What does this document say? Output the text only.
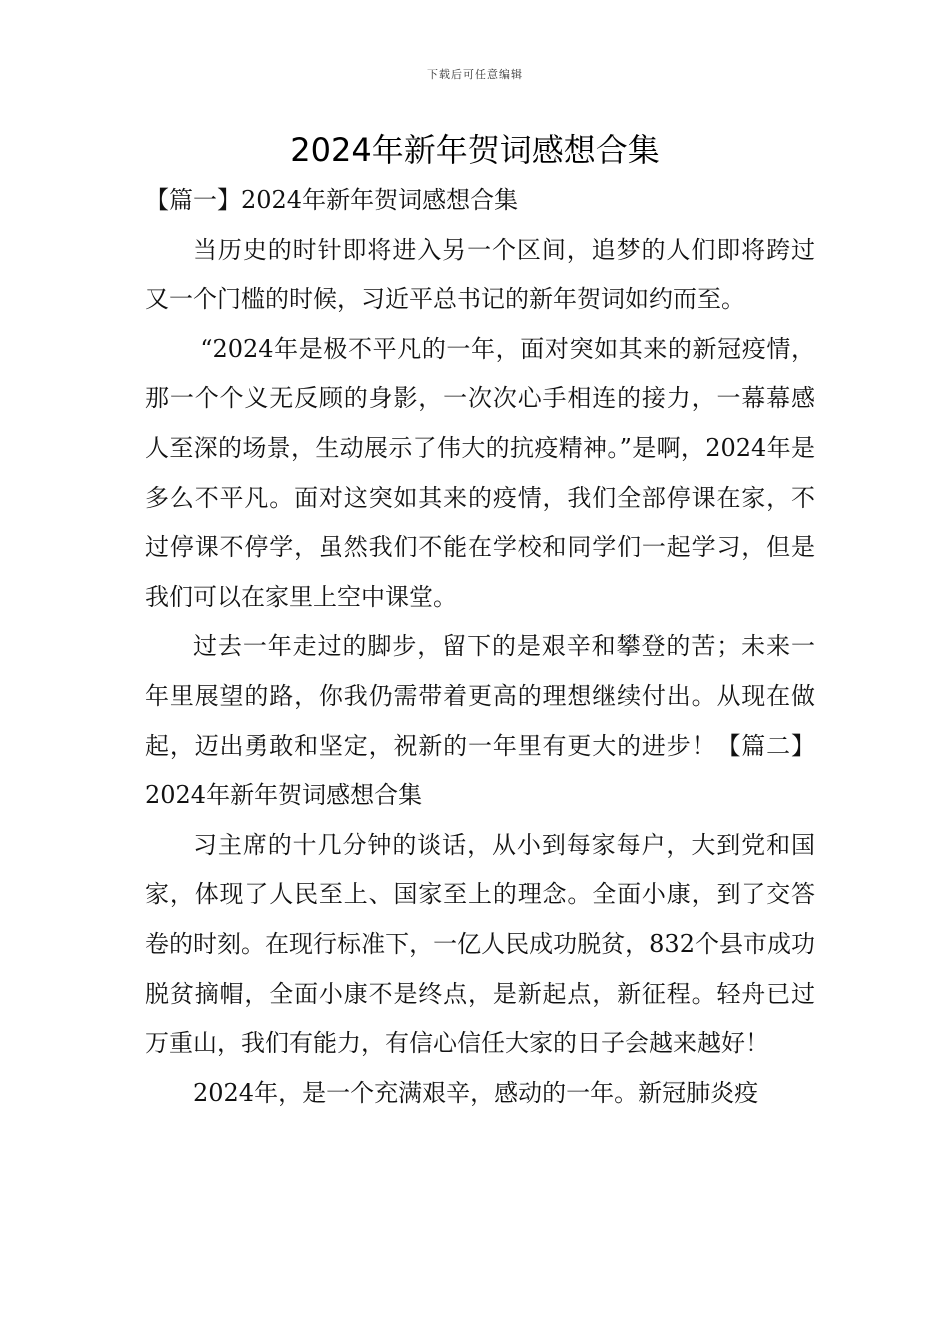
下载后可任意编辑
2024年新年贺词感想合集

【篇一】2024年新年贺词感想合集

当历史的时针即将进入另一个区间，追梦的人们即将跨过又一个门槛的时候，习近平总书记的新年贺词如约而至。

“2024年是极不平凡的一年，面对突如其来的新冠疫情，那一个个义无反顾的身影，一次次心手相连的接力，一幕幕感人至深的场景，生动展示了伟大的抗疫精神。”是啊，2024年是多么不平凡。面对这突如其来的疫情，我们全部停课在家，不过停课不停学，虽然我们不能在学校和同学们一起学习，但是我们可以在家里上空中课堂。

过去一年走过的脚步，留下的是艰辛和攀登的苦；未来一年里展望的路，你我仍需带着更高的理想继续付出。从现在做起，迈出勇敢和坚定，祝新的一年里有更大的进步！【篇二】2024年新年贺词感想合集

习主席的十几分钟的谈话，从小到每家每户，大到党和国家，体现了人民至上、国家至上的理念。全面小康，到了交答卷的时刻。在现行标准下，一亿人民成功脱贫，832个县市成功脱贫摘帽，全面小康不是终点，是新起点，新征程。轻舟已过万重山，我们有能力，有信心信任大家的日子会越来越好！

2024年，是一个充满艰辛，感动的一年。新冠肺炎疫
